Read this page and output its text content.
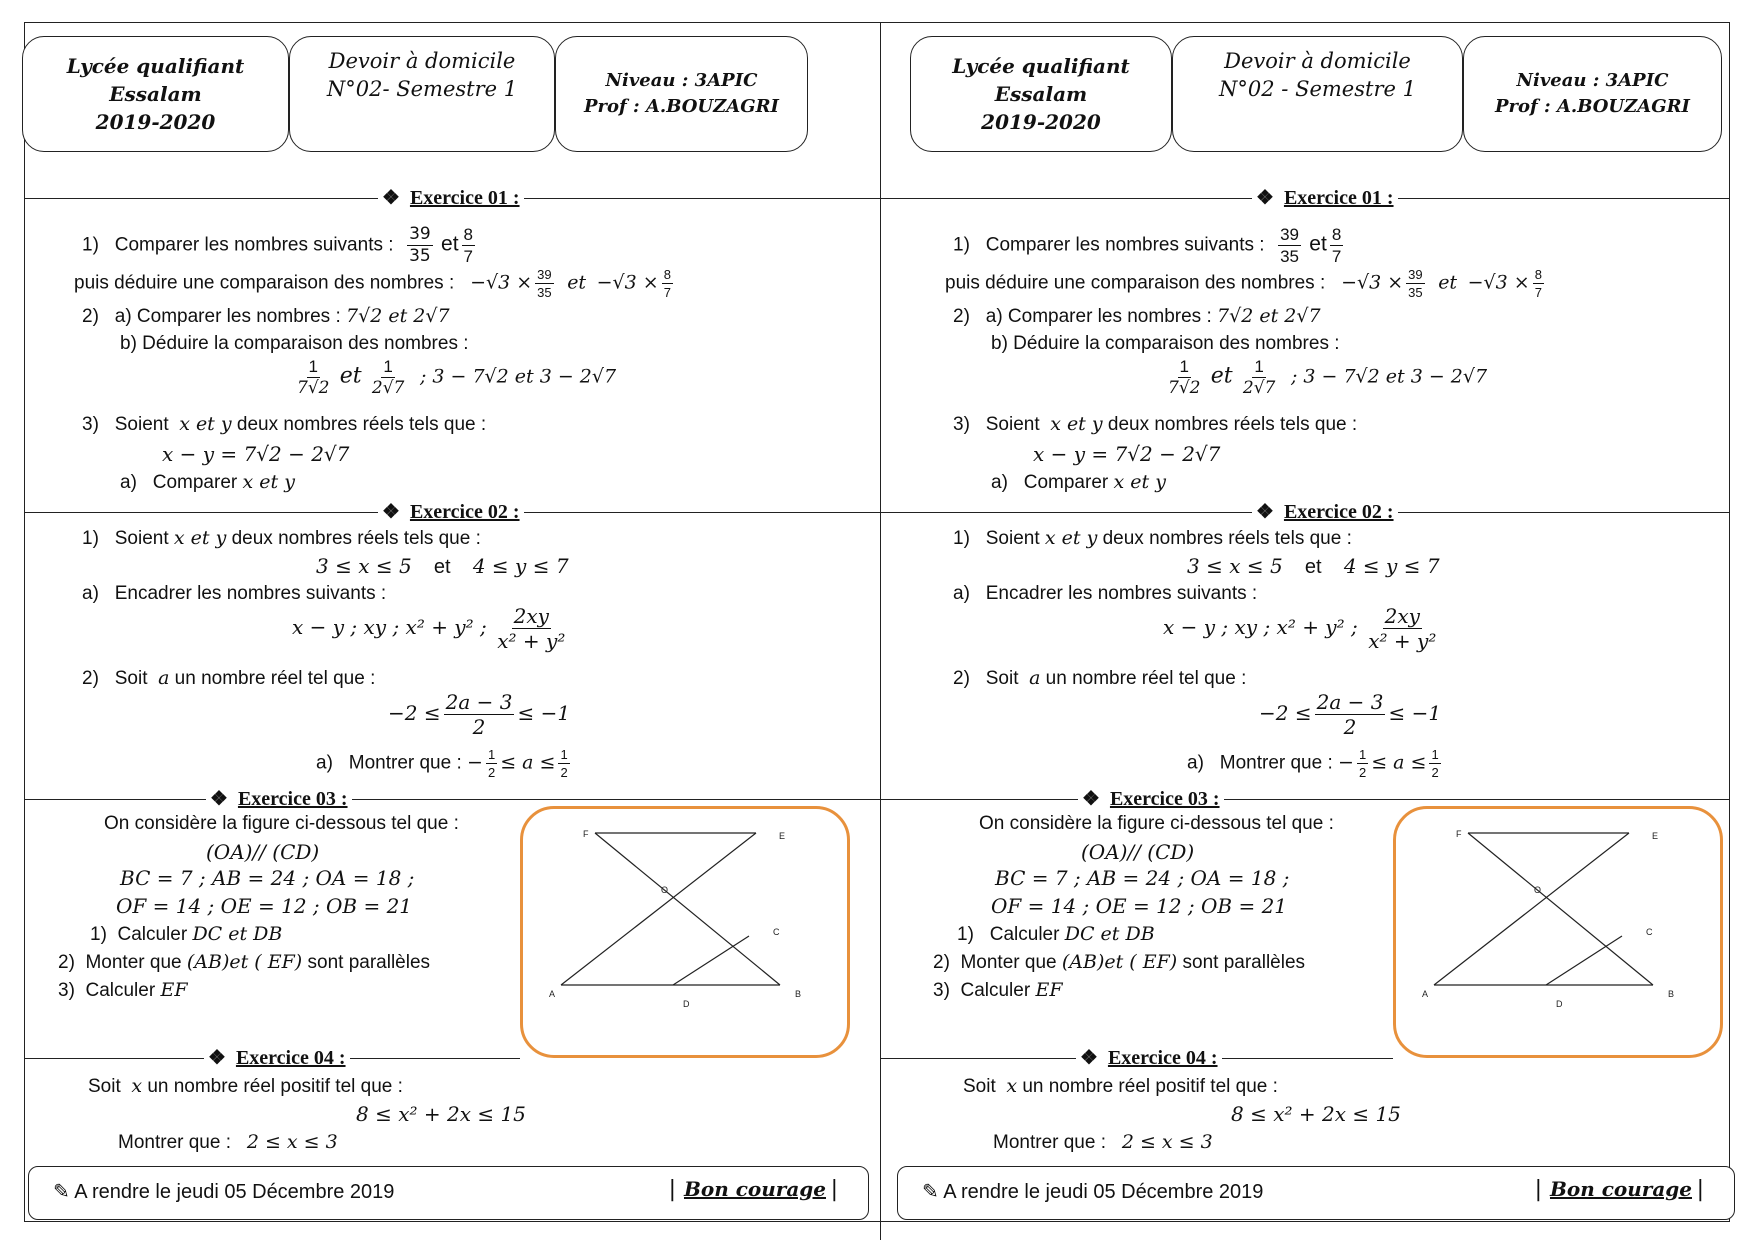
Lycée qualifiant
Essalam
2019-2020
Devoir à domicile
N°02- Semestre 1	Niveau : 3APIC
Prof : A.BOUZAGRI
❖ Exercice 01 :
1) Comparer les nombres suivants : $\frac{39}{35}$ et $\frac{8}{7}$
puis déduire une comparaison des nombres : $-√3 \times \frac{39}{35}$ et $-√3 \times \frac{8}{7}$
2) a) Comparer les nombres : 7√2 et 2√7
b) Déduire la comparaison des nombres :
$\frac{1}{7√2}$ et $\frac{1}{2√7}$ ; 3 − 7√2 et 3 − 2√7
3) Soient x et y deux nombres réels tels que :
x − y = 7√2 − 2√7
a) Comparer x et y
❖ Exercice 02 :
1) Soient x et y deux nombres réels tels que :
3 ≤ x ≤ 5 et 4 ≤ y ≤ 7
a) Encadrer les nombres suivants :
x − y ; xy ; x² + y² ; $\frac{2xy}{\text{x² + y²}}$
2) Soit a un nombre réel tel que :
$-2 \le \frac{2a - 3}{2} \le -1$
a) Montrer que : − $\frac{1}{2} \le a \le \frac{1}{2}$
❖ Exercice 03 :
On considère la figure ci-dessous tel que :
(OA)// (CD)
BC = 7 ; AB = 24 ; OA = 18 ;
OF = 14 ; OE = 12 ; OB = 21
1) Calculer DC et DB
2) Monter que (AB)et ( EF) sont parallèles
3) Calculer EF
F	E
O
C
A
D
B
❖ Exercice 04 :
Soit x un nombre réel positif tel que :
8 ≤ x² + 2x ≤ 15
Montrer que : 2 ≤ x ≤ 3
✎ A rendre le jeudi 05 Décembre 2019	| Bon courage |
Lycée qualifiant
Essalam
2019-2020
Devoir à domicile
N°02 - Semestre 1	Niveau : 3APIC
Prof : A.BOUZAGRI
❖ Exercice 01 :
1) Comparer les nombres suivants : $\frac{39}{35}$ et $\frac{8}{7}$
puis déduire une comparaison des nombres : $-√3 \times \frac{39}{35}$ et $-√3 \times \frac{8}{7}$
2) a) Comparer les nombres : 7√2 et 2√7
b) Déduire la comparaison des nombres :
$\frac{1}{7√2}$ et $\frac{1}{2√7}$ ; 3 − 7√2 et 3 − 2√7
3) Soient x et y deux nombres réels tels que :
x − y = 7√2 − 2√7
a) Comparer x et y
❖ Exercice 02 :
1) Soient x et y deux nombres réels tels que :
3 ≤ x ≤ 5 et 4 ≤ y ≤ 7
a) Encadrer les nombres suivants :
x − y ; xy ; x² + y² ; $\frac{2xy}{\text{x² + y²}}$
2) Soit a un nombre réel tel que :
$-2 \le \frac{2a - 3}{2} \le -1$
a) Montrer que : − $\frac{1}{2} \le a \le \frac{1}{2}$
❖ Exercice 03 :
On considère la figure ci-dessous tel que :
(OA)// (CD)
BC = 7 ; AB = 24 ; OA = 18 ;
OF = 14 ; OE = 12 ; OB = 21
1) Calculer DC et DB
2) Monter que (AB)et ( EF) sont parallèles
3) Calculer EF
F	E
O
C
A
D
B
❖ Exercice 04 :
Soit x un nombre réel positif tel que :
8 ≤ x² + 2x ≤ 15
Montrer que : 2 ≤ x ≤ 3
✎ A rendre le jeudi 05 Décembre 2019	| Bon courage |
